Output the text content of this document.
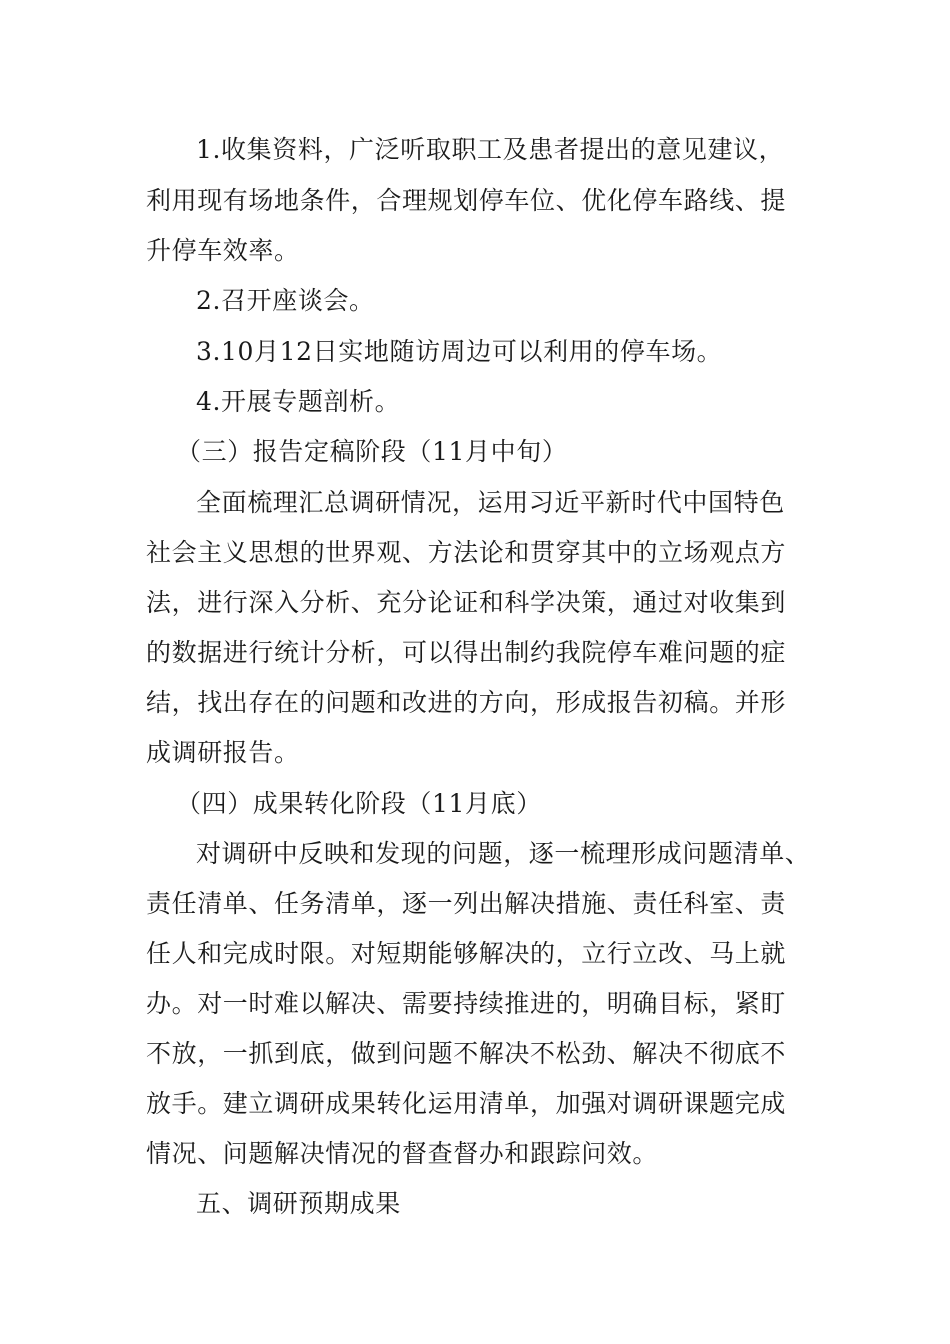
1.收集资料，广泛听取职工及患者提出的意见建议，
利用现有场地条件，合理规划停车位、优化停车路线、提
升停车效率。
2.召开座谈会。
3.10月12日实地随访周边可以利用的停车场。
4.开展专题剖析。
（三）报告定稿阶段（11月中旬）
全面梳理汇总调研情况，运用习近平新时代中国特色
社会主义思想的世界观、方法论和贯穿其中的立场观点方
法，进行深入分析、充分论证和科学决策，通过对收集到
的数据进行统计分析，可以得出制约我院停车难问题的症
结，找出存在的问题和改进的方向，形成报告初稿。并形
成调研报告。
（四）成果转化阶段（11月底）
对调研中反映和发现的问题，逐一梳理形成问题清单、
责任清单、任务清单，逐一列出解决措施、责任科室、责
任人和完成时限。对短期能够解决的，立行立改、马上就
办。对一时难以解决、需要持续推进的，明确目标，紧盯
不放，一抓到底，做到问题不解决不松劲、解决不彻底不
放手。建立调研成果转化运用清单，加强对调研课题完成
情况、问题解决情况的督查督办和跟踪问效。
五、调研预期成果
